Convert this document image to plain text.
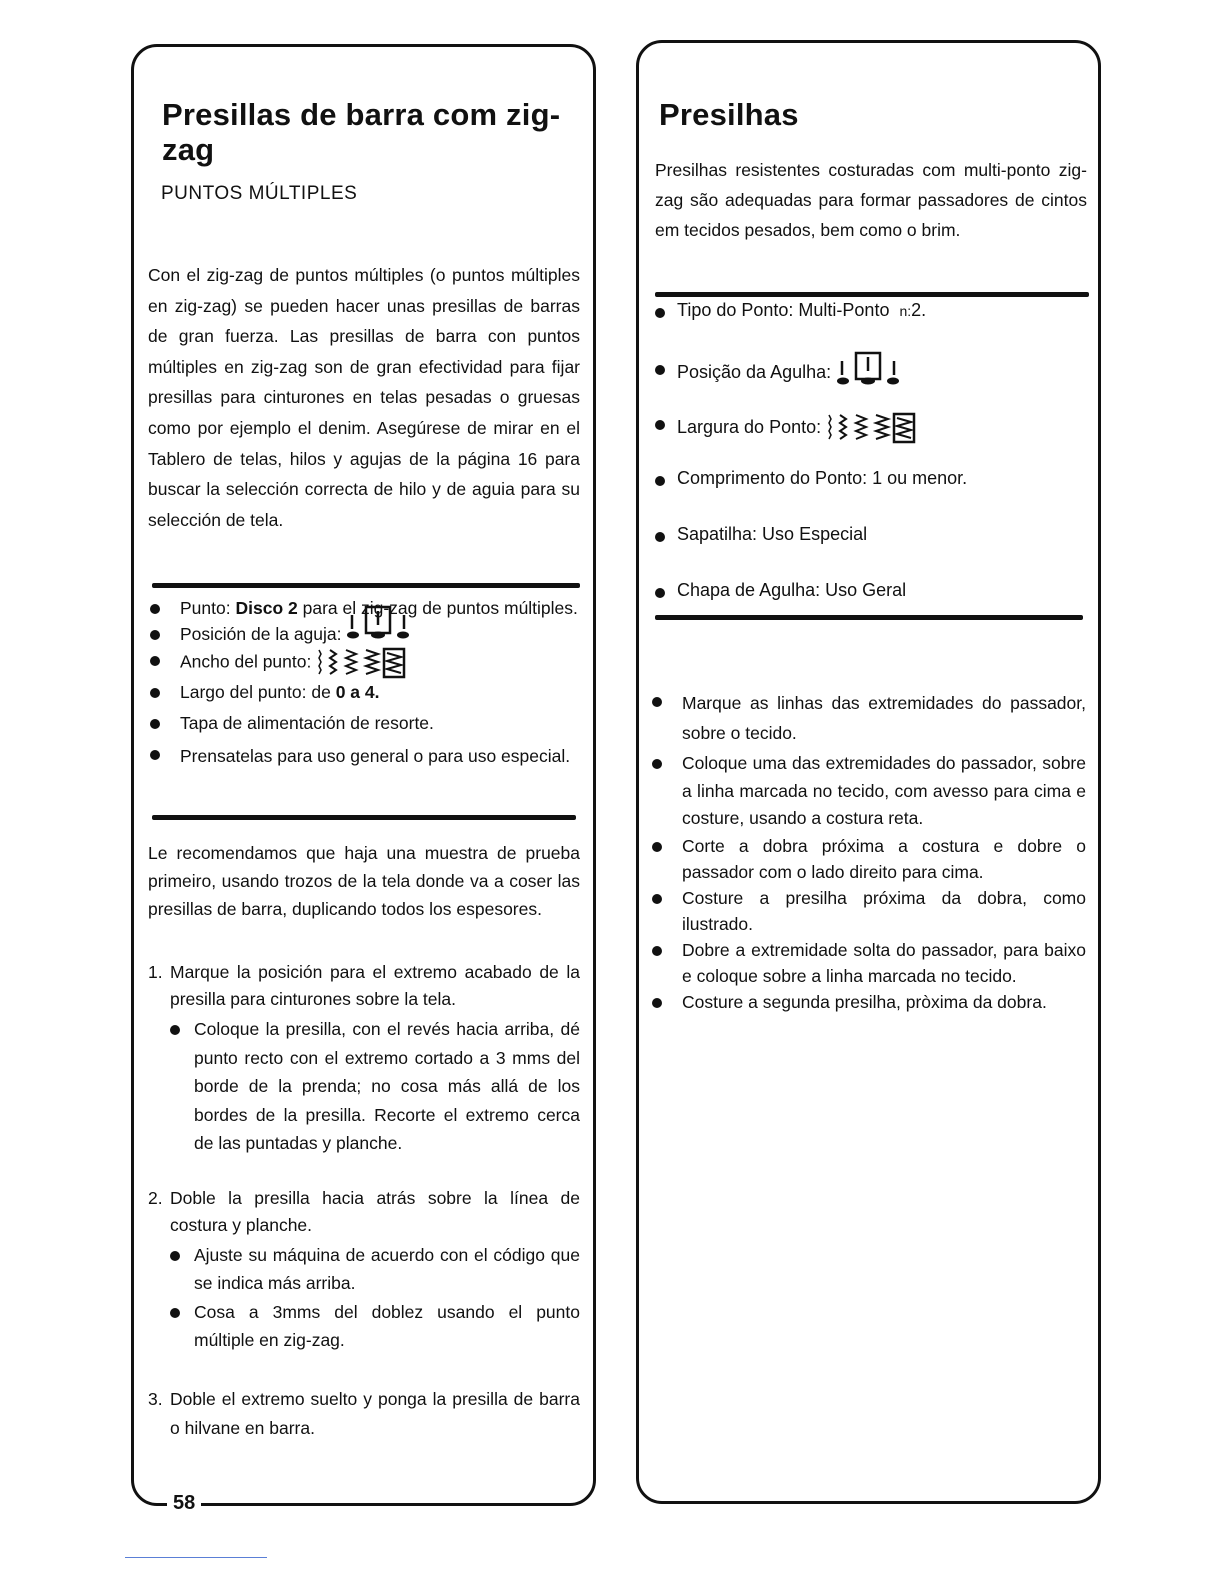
Presillas de barra com zig-zag
PUNTOS MÚLTIPLES
Con el zig-zag de puntos múltiples (o puntos múltiples en zig-zag) se pueden hacer unas presillas de barras de gran fuerza. Las presillas de barra con puntos múltiples en zig-zag son de gran efectividad para fijar presillas para cinturones en telas pesadas o gruesas como por ejemplo el denim. Asegúrese de mirar en el Tablero de telas, hilos y agujas de la página 16 para buscar la selección correcta de hilo y de aguia para su selección de tela.
Punto: Disco 2 para el zig-zag de puntos múltiples.
Posición de la aguja:
Ancho del punto:
Largo del punto: de 0 a 4.
Tapa de alimentación de resorte.
Prensatelas para uso general o para uso especial.
Le recomendamos que haja una muestra de prueba primeiro, usando trozos de la tela donde va a coser las presillas de barra, duplicando todos los espesores.
1. Marque la posición para el extremo acabado de la presilla para cinturones sobre la tela.
Coloque la presilla, con el revés hacia arriba, dé punto recto con el extremo cortado a 3 mms del borde de la prenda; no cosa más allá de los bordes de la presilla. Recorte el extremo cerca de las puntadas y planche.
2. Doble la presilla hacia atrás sobre la línea de costura y planche.
Ajuste su máquina de acuerdo con el código que se indica más arriba.
Cosa a 3mms del doblez usando el punto múltiple en zig-zag.
3. Doble el extremo suelto y ponga la presilla de barra o hilvane en barra.
58
Presilhas
Presilhas resistentes costuradas com multi-ponto zig-zag são adequadas para formar passadores de cintos em tecidos pesados, bem como o brim.
Tipo do Ponto: Multi-Ponto n:2.
Posição da Agulha:
Largura do Ponto:
Comprimento do Ponto: 1 ou menor.
Sapatilha: Uso Especial
Chapa de Agulha: Uso Geral
Marque as linhas das extremidades do passador, sobre o tecido.
Coloque uma das extremidades do passador, sobre a linha marcada no tecido, com avesso para cima e costure, usando a costura reta.
Corte a dobra próxima a costura e dobre o passador com o lado direito para cima.
Costure a presilha próxima da dobra, como ilustrado.
Dobre a extremidade solta do passador, para baixo e coloque sobre a linha marcada no tecido.
Costure a segunda presilha, pròxima da dobra.
